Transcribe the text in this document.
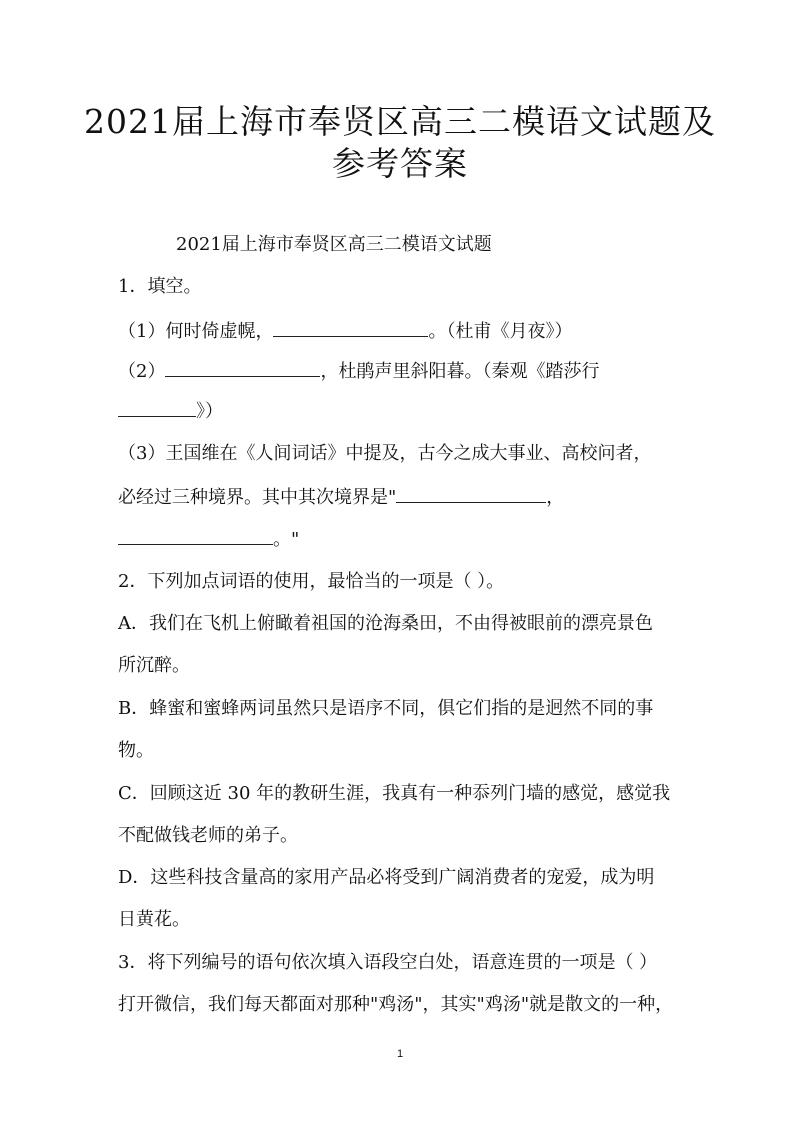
2021届上海市奉贤区高三二模语文试题及
参考答案
2021届上海市奉贤区高三二模语文试题
1．填空。
（1）何时倚虚幌，	。（杜甫《月夜》）
（2）	，杜鹃声里斜阳暮。（秦观《踏莎行
》）
（3）王国维在《人间词话》中提及，古今之成大事业、高校问者，
必经过三种境界。其中其次境界是"	，
。"
2．下列加点词语的使用，最恰当的一项是（ ）。
A．我们在飞机上俯瞰着祖国的沧海桑田，不由得被眼前的漂亮景色
所沉醉。
B．蜂蜜和蜜蜂两词虽然只是语序不同，俱它们指的是迥然不同的事
物。
C．回顾这近 30 年的教研生涯，我真有一种忝列门墙的感觉，感觉我
不配做钱老师的弟子。
D．这些科技含量高的家用产品必将受到广阔消费者的宠爱，成为明
日黄花。
3．将下列编号的语句依次填入语段空白处，语意连贯的一项是（ ）
打开微信，我们每天都面对那种"鸡汤"，其实"鸡汤"就是散文的一种，
1
